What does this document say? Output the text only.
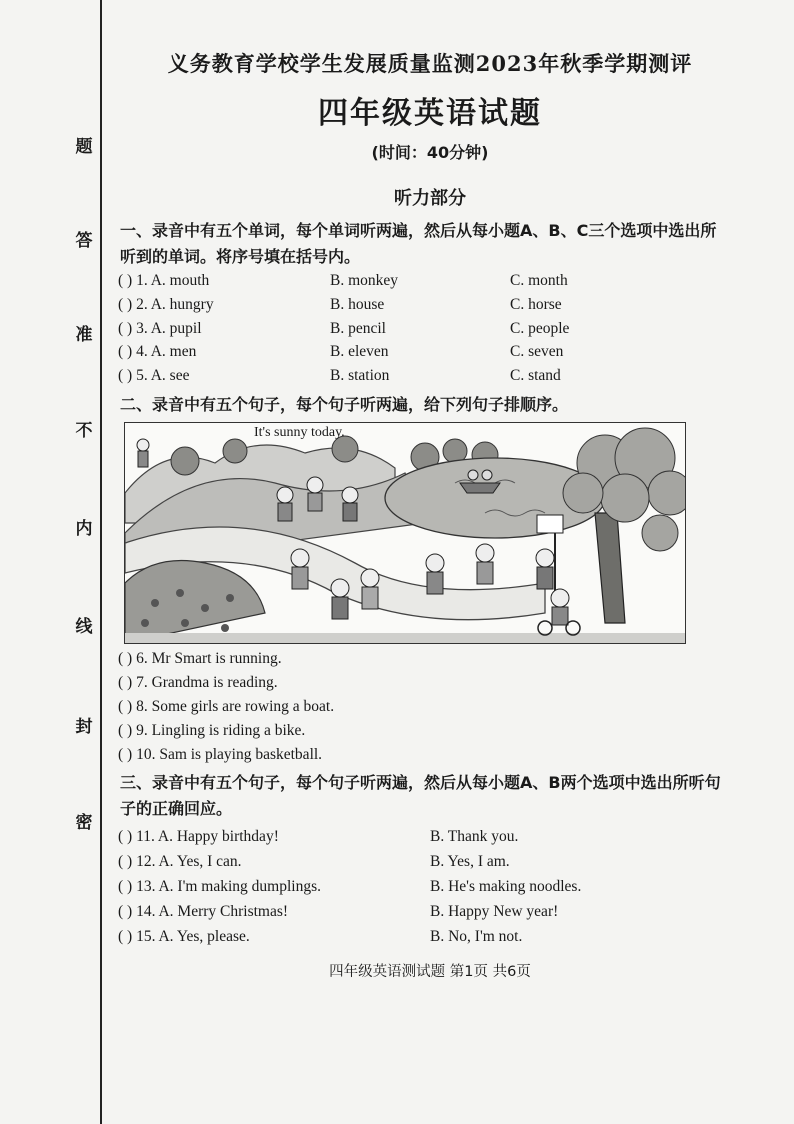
题
答
准
不
内
线
封
密
义务教育学校学生发展质量监测2023年秋季学期测评
四年级英语试题
(时间：40分钟)
听力部分
一、录音中有五个单词，每个单词听两遍，然后从每小题A、B、C三个选项中选出所听到的单词。将序号填在括号内。
( ) 1. A. mouth	B. monkey	C. month
( ) 2. A. hungry	B. house	C. horse
( ) 3. A. pupil	B. pencil	C. people
( ) 4. A. men	B. eleven	C. seven
( ) 5. A. see	B. station	C. stand
二、录音中有五个句子，每个句子听两遍，给下列句子排顺序。
It's sunny today.
( ) 6. Mr Smart is running.
( ) 7. Grandma is reading.
( ) 8. Some girls are rowing a boat.
( ) 9. Lingling is riding a bike.
( ) 10. Sam is playing basketball.
三、录音中有五个句子，每个句子听两遍，然后从每小题A、B两个选项中选出所听句子的正确回应。
( ) 11. A. Happy birthday!	B. Thank you.
( ) 12. A. Yes, I can.	B. Yes, I am.
( ) 13. A. I'm making dumplings.	B. He's making noodles.
( ) 14. A. Merry Christmas!	B. Happy New year!
( ) 15. A. Yes, please.	B. No, I'm not.
四年级英语测试题 第1页 共6页
